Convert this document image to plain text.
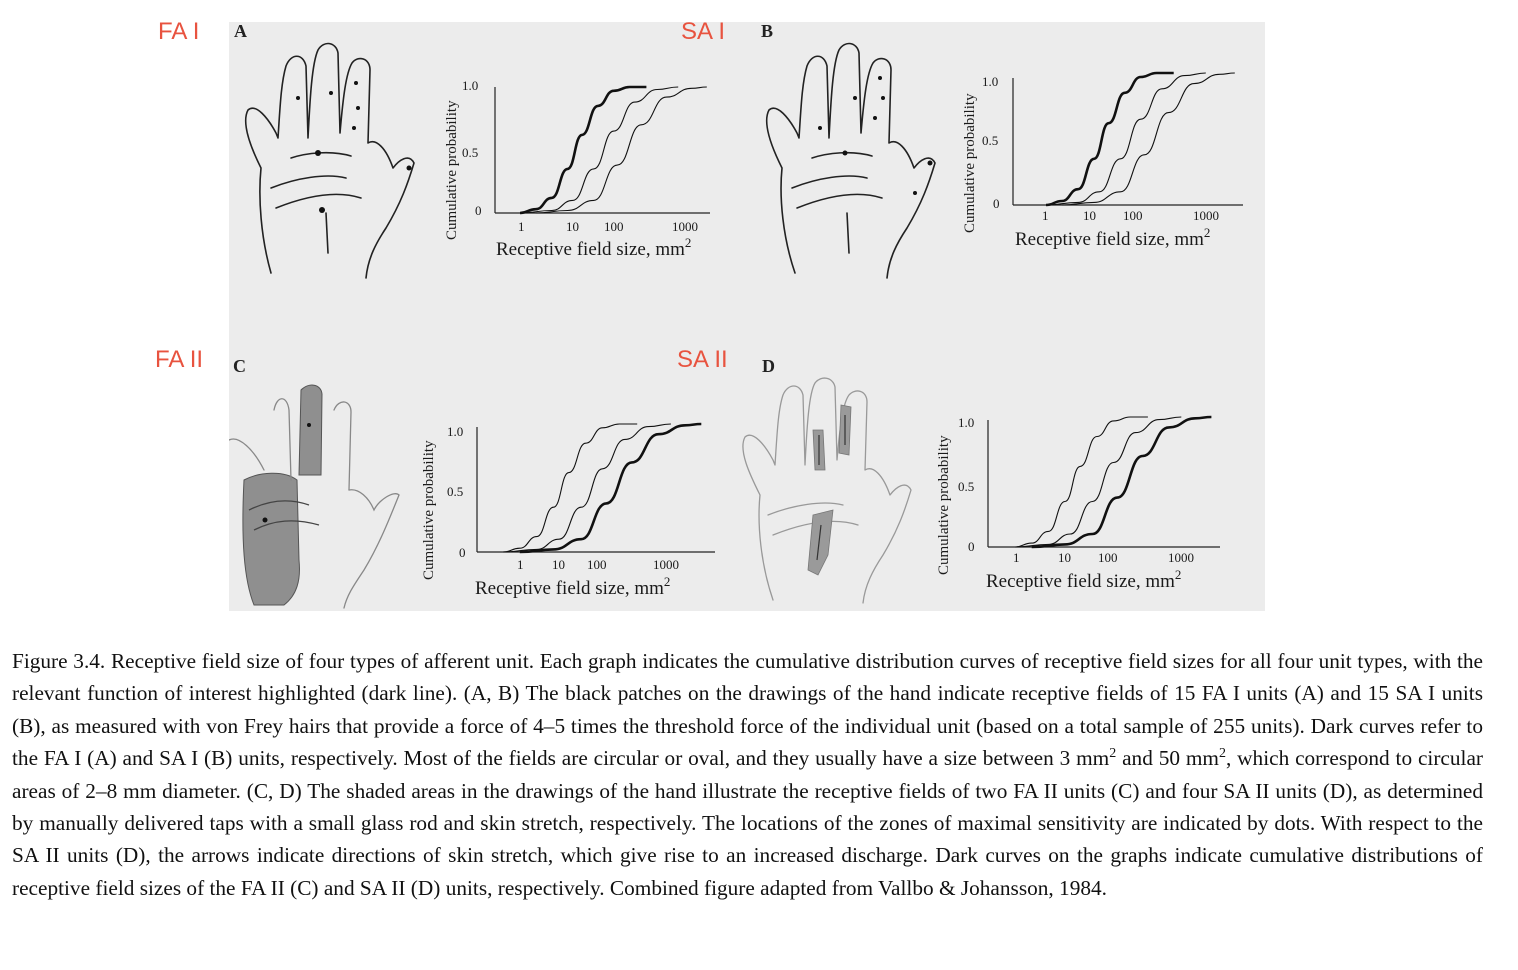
FA I A	SA I B
FA II C	SA II D
Cumulative probability
1.0
0.5
0
1	10 100	1000
Receptive field size, $mm^2$
Cumulative probability
1.0
0.5
0
1	10 100	1000
Receptive field size, $mm^2$
Cumulative probability
1.0
0.5
0
1 10 100	1000
Receptive field size, $mm^2$
Cumulative probability
1.0
0.5
0
1	10 100	1000
Receptive field size, $mm^2$
Figure 3.4. Receptive field size of four types of afferent unit. Each graph indicates the cumulative distribution curves of receptive field sizes for all four unit types, with the relevant function of interest highlighted (dark line). (A, B) The black patches on the drawings of the hand indicate receptive fields of 15 FA I units (A) and 15 SA I units (B), as measured with von Frey hairs that provide a force of 4–5 times the threshold force of the individual unit (based on a total sample of 255 units). Dark curves refer to the FA I (A) and SA I (B) units, respectively. Most of the fields are circular or oval, and they usually have a size between 3 $mm^2$ and 50 $mm^2$, which correspond to circular areas of 2–8 mm diameter. (C, D) The shaded areas in the drawings of the hand illustrate the receptive fields of two FA II units (C) and four SA II units (D), as determined by manually delivered taps with a small glass rod and skin stretch, respectively. The locations of the zones of maximal sensitivity are indicated by dots. With respect to the SA II units (D), the arrows indicate directions of skin stretch, which give rise to an increased discharge. Dark curves on the graphs indicate cumulative distributions of receptive field sizes of the FA II (C) and SA II (D) units, respectively. Combined figure adapted from Vallbo & Johansson, 1984.
